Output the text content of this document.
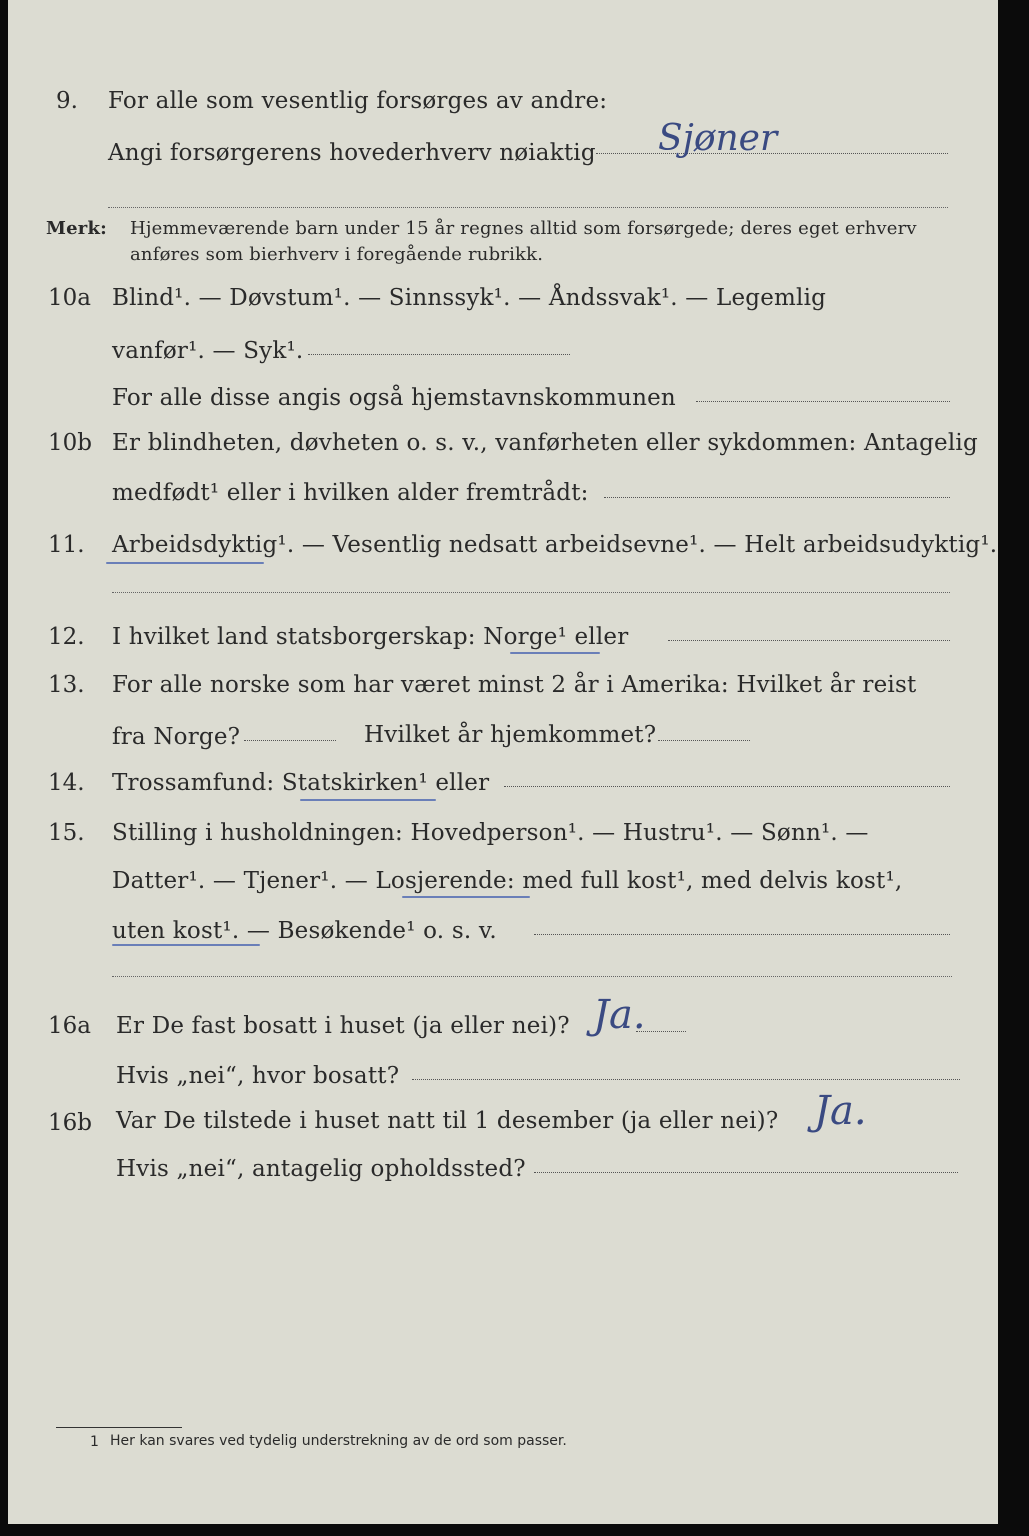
9. For alle som vesentlig forsørges av andre:
Angi forsørgerens hovederhverv nøiaktig Sjøner
Merk: Hjemmeværende barn under 15 år regnes alltid som forsørgede; deres eget erhverv
anføres som bierhverv i foregående rubrikk.
10a Blind¹. — Døvstum¹. — Sinnssyk¹. — Åndssvak¹. — Legemlig
vanfør¹. — Syk¹.
For alle disse angis også hjemstavnskommunen
10b Er blindheten, døvheten o. s. v., vanførheten eller sykdommen: Antagelig
medfødt¹ eller i hvilken alder fremtrådt:
11. Arbeidsdyktig¹. — Vesentlig nedsatt arbeidsevne¹. — Helt arbeidsudyktig¹.
12. I hvilket land statsborgerskap: Norge¹ eller
13. For alle norske som har været minst 2 år i Amerika: Hvilket år reist
fra Norge?	Hvilket år hjemkommet?
14. Trossamfund: Statskirken¹ eller
15. Stilling i husholdningen: Hovedperson¹. — Hustru¹. — Sønn¹. —
Datter¹. — Tjener¹. — Losjerende: med full kost¹, med delvis kost¹,
uten kost¹. — Besøkende¹ o. s. v.
16a Er De fast bosatt i huset (ja eller nei)? Ja.
Hvis „nei“, hvor bosatt?
16b Var De tilstede i huset natt til 1 desember (ja eller nei)? Ja.
Hvis „nei“, antagelig opholdssted?
1 Her kan svares ved tydelig understrekning av de ord som passer.
